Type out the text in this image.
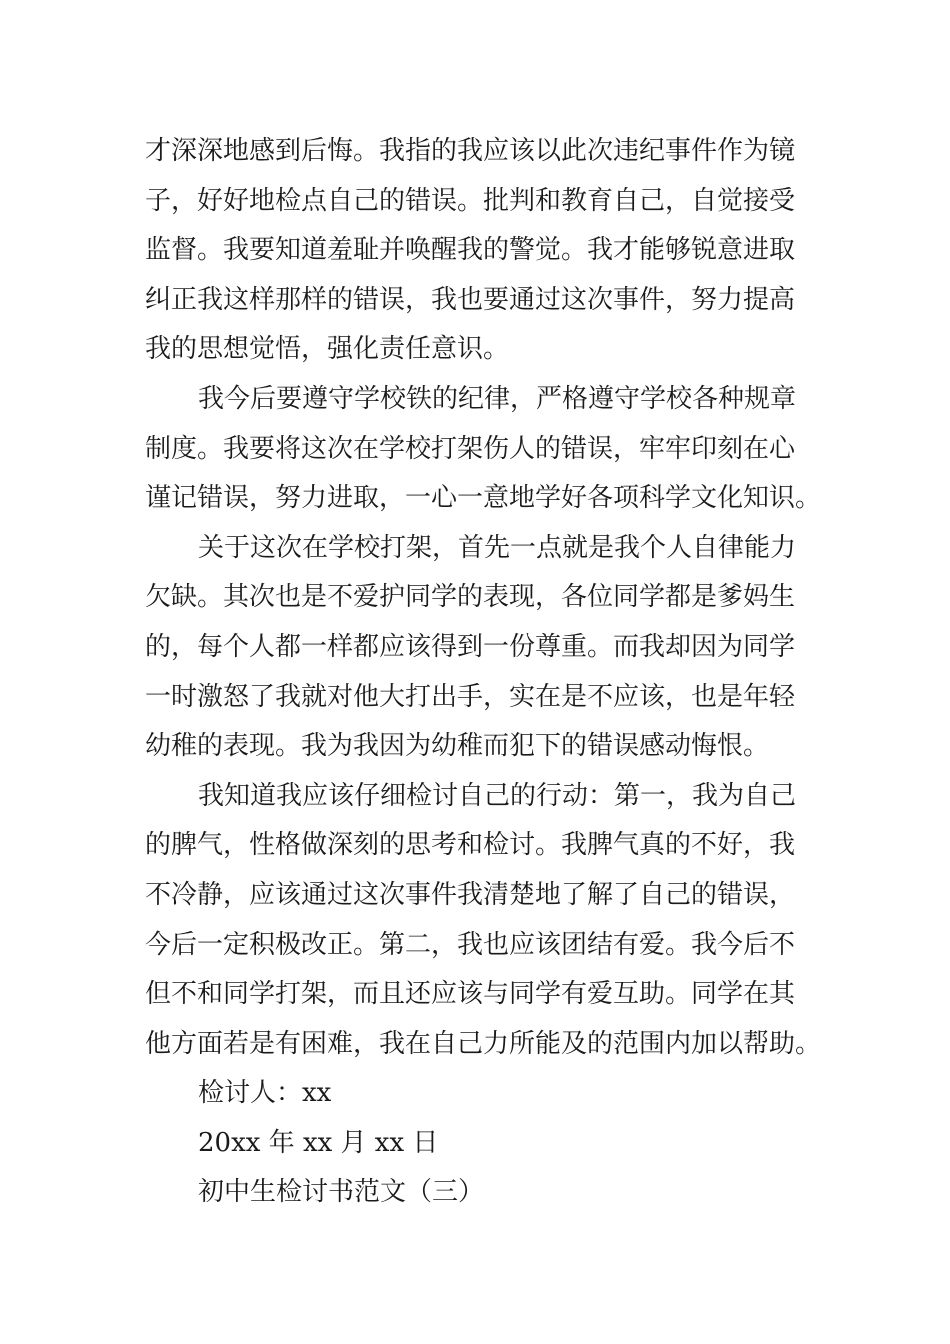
才深深地感到后悔。我指的我应该以此次违纪事件作为镜
子，好好地检点自己的错误。批判和教育自己，自觉接受
监督。我要知道羞耻并唤醒我的警觉。我才能够锐意进取
纠正我这样那样的错误，我也要通过这次事件，努力提高
我的思想觉悟，强化责任意识。
我今后要遵守学校铁的纪律，严格遵守学校各种规章
制度。我要将这次在学校打架伤人的错误，牢牢印刻在心
谨记错误，努力进取，一心一意地学好各项科学文化知识。
关于这次在学校打架，首先一点就是我个人自律能力
欠缺。其次也是不爱护同学的表现，各位同学都是爹妈生
的，每个人都一样都应该得到一份尊重。而我却因为同学
一时激怒了我就对他大打出手，实在是不应该，也是年轻
幼稚的表现。我为我因为幼稚而犯下的错误感动悔恨。
我知道我应该仔细检讨自己的行动：第一，我为自己
的脾气，性格做深刻的思考和检讨。我脾气真的不好，我
不冷静，应该通过这次事件我清楚地了解了自己的错误，
今后一定积极改正。第二，我也应该团结有爱。我今后不
但不和同学打架，而且还应该与同学有爱互助。同学在其
他方面若是有困难，我在自己力所能及的范围内加以帮助。
检讨人：xx
20xx 年 xx 月 xx 日
初中生检讨书范文（三）
